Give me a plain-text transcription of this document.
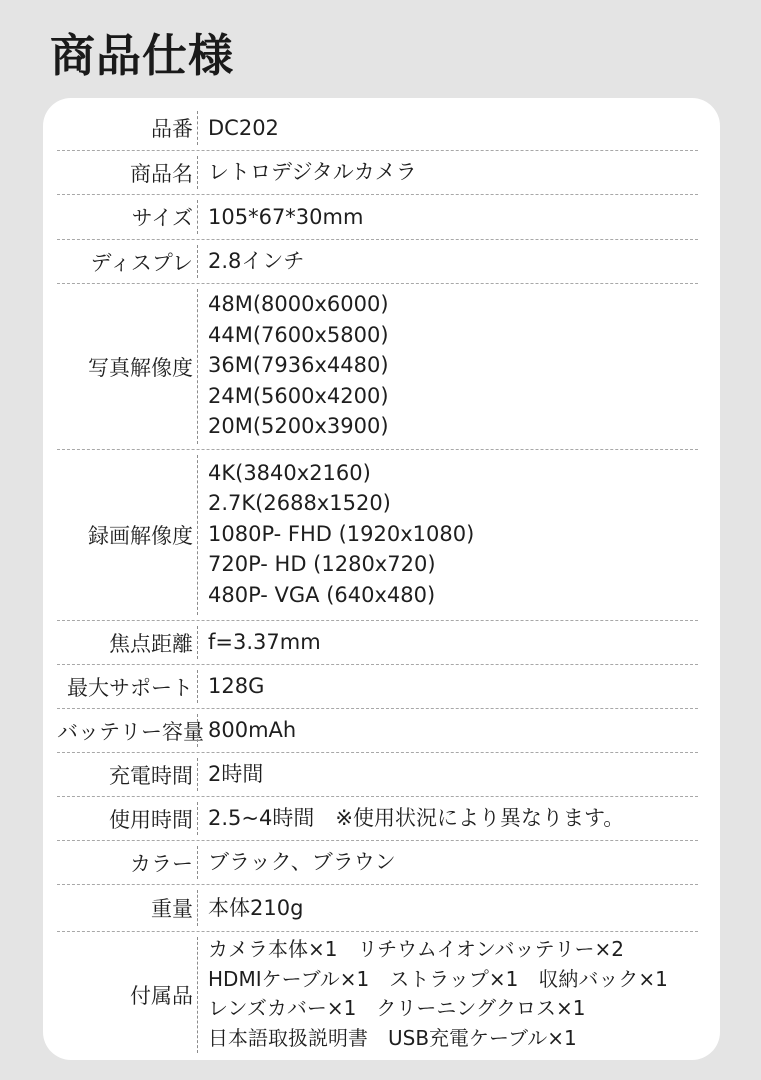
商品仕様
品番 DC202
商品名 レトロデジタルカメラ
サイズ 105*67*30mm
ディスプレ 2.8インチ
写真解像度
48M(8000x6000)
44M(7600x5800)
36M(7936x4480)
24M(5600x4200)
20M(5200x3900)
録画解像度
4K(3840x2160)
2.7K(2688x1520)
1080P- FHD (1920x1080)
720P- HD (1280x720)
480P- VGA (640x480)
焦点距離 f=3.37mm
最大サポート 128G
バッテリー容量 800mAh
充電時間 2時間
使用時間 2.5~4時間　※使用状況により異なります。
カラー ブラック、ブラウン
重量 本体210g
付属品
カメラ本体×1　リチウムイオンバッテリー×2
HDMIケーブル×1　ストラップ×1　収納バック×1
レンズカバー×1　クリーニングクロス×1
日本語取扱説明書　USB充電ケーブル×1
